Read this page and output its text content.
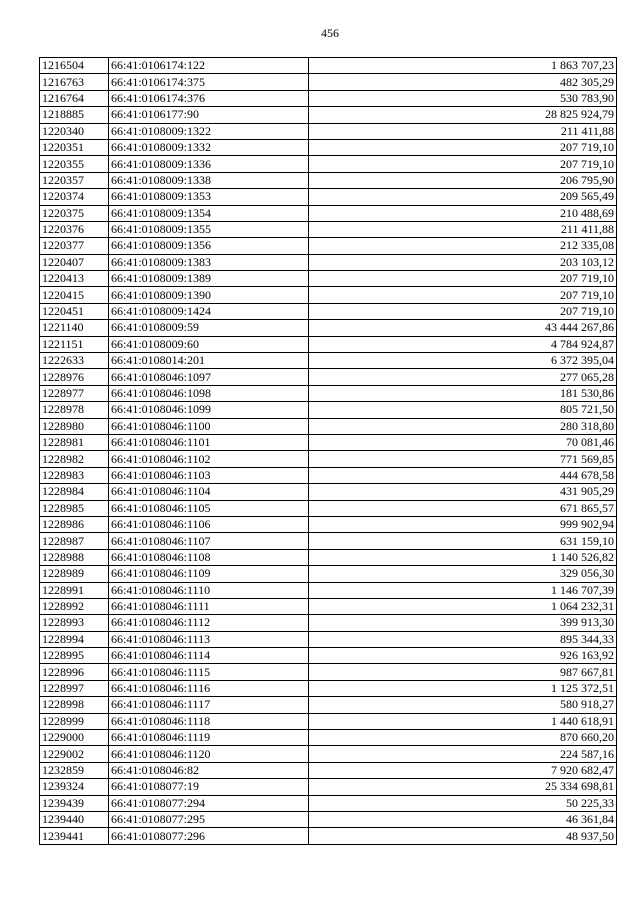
456
1216504	66:41:0106174:122	1 863 707,23
1216763	66:41:0106174:375	482 305,29
1216764	66:41:0106174:376	530 783,90
1218885	66:41:0106177:90	28 825 924,79
1220340	66:41:0108009:1322	211 411,88
1220351	66:41:0108009:1332	207 719,10
1220355	66:41:0108009:1336	207 719,10
1220357	66:41:0108009:1338	206 795,90
1220374	66:41:0108009:1353	209 565,49
1220375	66:41:0108009:1354	210 488,69
1220376	66:41:0108009:1355	211 411,88
1220377	66:41:0108009:1356	212 335,08
1220407	66:41:0108009:1383	203 103,12
1220413	66:41:0108009:1389	207 719,10
1220415	66:41:0108009:1390	207 719,10
1220451	66:41:0108009:1424	207 719,10
1221140	66:41:0108009:59	43 444 267,86
1221151	66:41:0108009:60	4 784 924,87
1222633	66:41:0108014:201	6 372 395,04
1228976	66:41:0108046:1097	277 065,28
1228977	66:41:0108046:1098	181 530,86
1228978	66:41:0108046:1099	805 721,50
1228980	66:41:0108046:1100	280 318,80
1228981	66:41:0108046:1101	70 081,46
1228982	66:41:0108046:1102	771 569,85
1228983	66:41:0108046:1103	444 678,58
1228984	66:41:0108046:1104	431 905,29
1228985	66:41:0108046:1105	671 865,57
1228986	66:41:0108046:1106	999 902,94
1228987	66:41:0108046:1107	631 159,10
1228988	66:41:0108046:1108	1 140 526,82
1228989	66:41:0108046:1109	329 056,30
1228991	66:41:0108046:1110	1 146 707,39
1228992	66:41:0108046:1111	1 064 232,31
1228993	66:41:0108046:1112	399 913,30
1228994	66:41:0108046:1113	895 344,33
1228995	66:41:0108046:1114	926 163,92
1228996	66:41:0108046:1115	987 667,81
1228997	66:41:0108046:1116	1 125 372,51
1228998	66:41:0108046:1117	580 918,27
1228999	66:41:0108046:1118	1 440 618,91
1229000	66:41:0108046:1119	870 660,20
1229002	66:41:0108046:1120	224 587,16
1232859	66:41:0108046:82	7 920 682,47
1239324	66:41:0108077:19	25 334 698,81
1239439	66:41:0108077:294	50 225,33
1239440	66:41:0108077:295	46 361,84
1239441	66:41:0108077:296	48 937,50
